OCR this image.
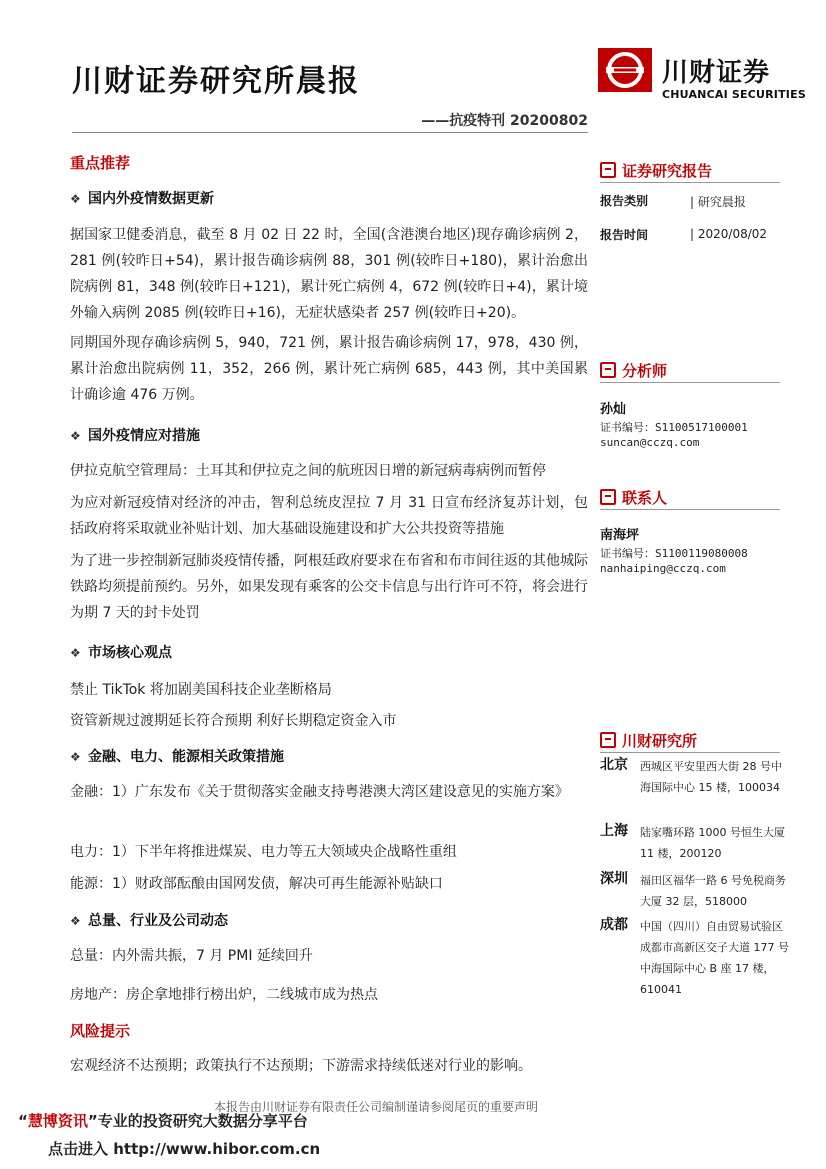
川财证券研究所晨报
——抗疫特刊 20200802
川财证券
CHUANCAI SECURITIES
重点推荐
❖ 国内外疫情数据更新
据国家卫健委消息，截至 8 月 02 日 22 时，全国(含港澳台地区)现存确诊病例 2，281 例(较昨日+54)，累计报告确诊病例 88，301 例(较昨日+180)，累计治愈出院病例 81，348 例(较昨日+121)，累计死亡病例 4，672 例(较昨日+4)，累计境外输入病例 2085 例(较昨日+16)，无症状感染者 257 例(较昨日+20)。
同期国外现存确诊病例 5，940，721 例，累计报告确诊病例 17，978，430 例，累计治愈出院病例 11，352，266 例，累计死亡病例 685，443 例，其中美国累计确诊逾 476 万例。
❖ 国外疫情应对措施
伊拉克航空管理局：土耳其和伊拉克之间的航班因日增的新冠病毒病例而暂停
为应对新冠疫情对经济的冲击，智利总统皮涅拉 7 月 31 日宣布经济复苏计划，包括政府将采取就业补贴计划、加大基础设施建设和扩大公共投资等措施
为了进一步控制新冠肺炎疫情传播，阿根廷政府要求在布省和布市间往返的其他城际铁路均须提前预约。另外，如果发现有乘客的公交卡信息与出行许可不符，将会进行为期 7 天的封卡处罚
❖ 市场核心观点
禁止 TikTok 将加剧美国科技企业垄断格局
资管新规过渡期延长符合预期 利好长期稳定资金入市
❖ 金融、电力、能源相关政策措施
金融：1）广东发布《关于贯彻落实金融支持粤港澳大湾区建设意见的实施方案》
电力：1）下半年将推进煤炭、电力等五大领域央企战略性重组
能源：1）财政部酝酿由国网发债，解决可再生能源补贴缺口
❖ 总量、行业及公司动态
总量：内外需共振，7 月 PMI 延续回升
房地产：房企拿地排行榜出炉，二线城市成为热点
风险提示
宏观经济不达预期；政策执行不达预期；下游需求持续低迷对行业的影响。
证券研究报告
报告类别	| 研究晨报
报告时间	| 2020/08/02
分析师
孙灿
证书编号：S1100517100001
suncan@cczq.com
联系人
南海坪
证书编号：S1100119080008
nanhaiping@cczq.com
川财研究所
北京 西城区平安里西大街 28 号中海国际中心 15 楼，100034
上海 陆家嘴环路 1000 号恒生大厦 11 楼，200120
深圳 福田区福华一路 6 号免税商务大厦 32 层，518000
成都 中国（四川）自由贸易试验区成都市高新区交子大道 177 号中海国际中心 B 座 17 楼，610041
本报告由川财证券有限责任公司编制谨请参阅尾页的重要声明
“慧博资讯”专业的投资研究大数据分享平台
点击进入 http://www.hibor.com.cn
